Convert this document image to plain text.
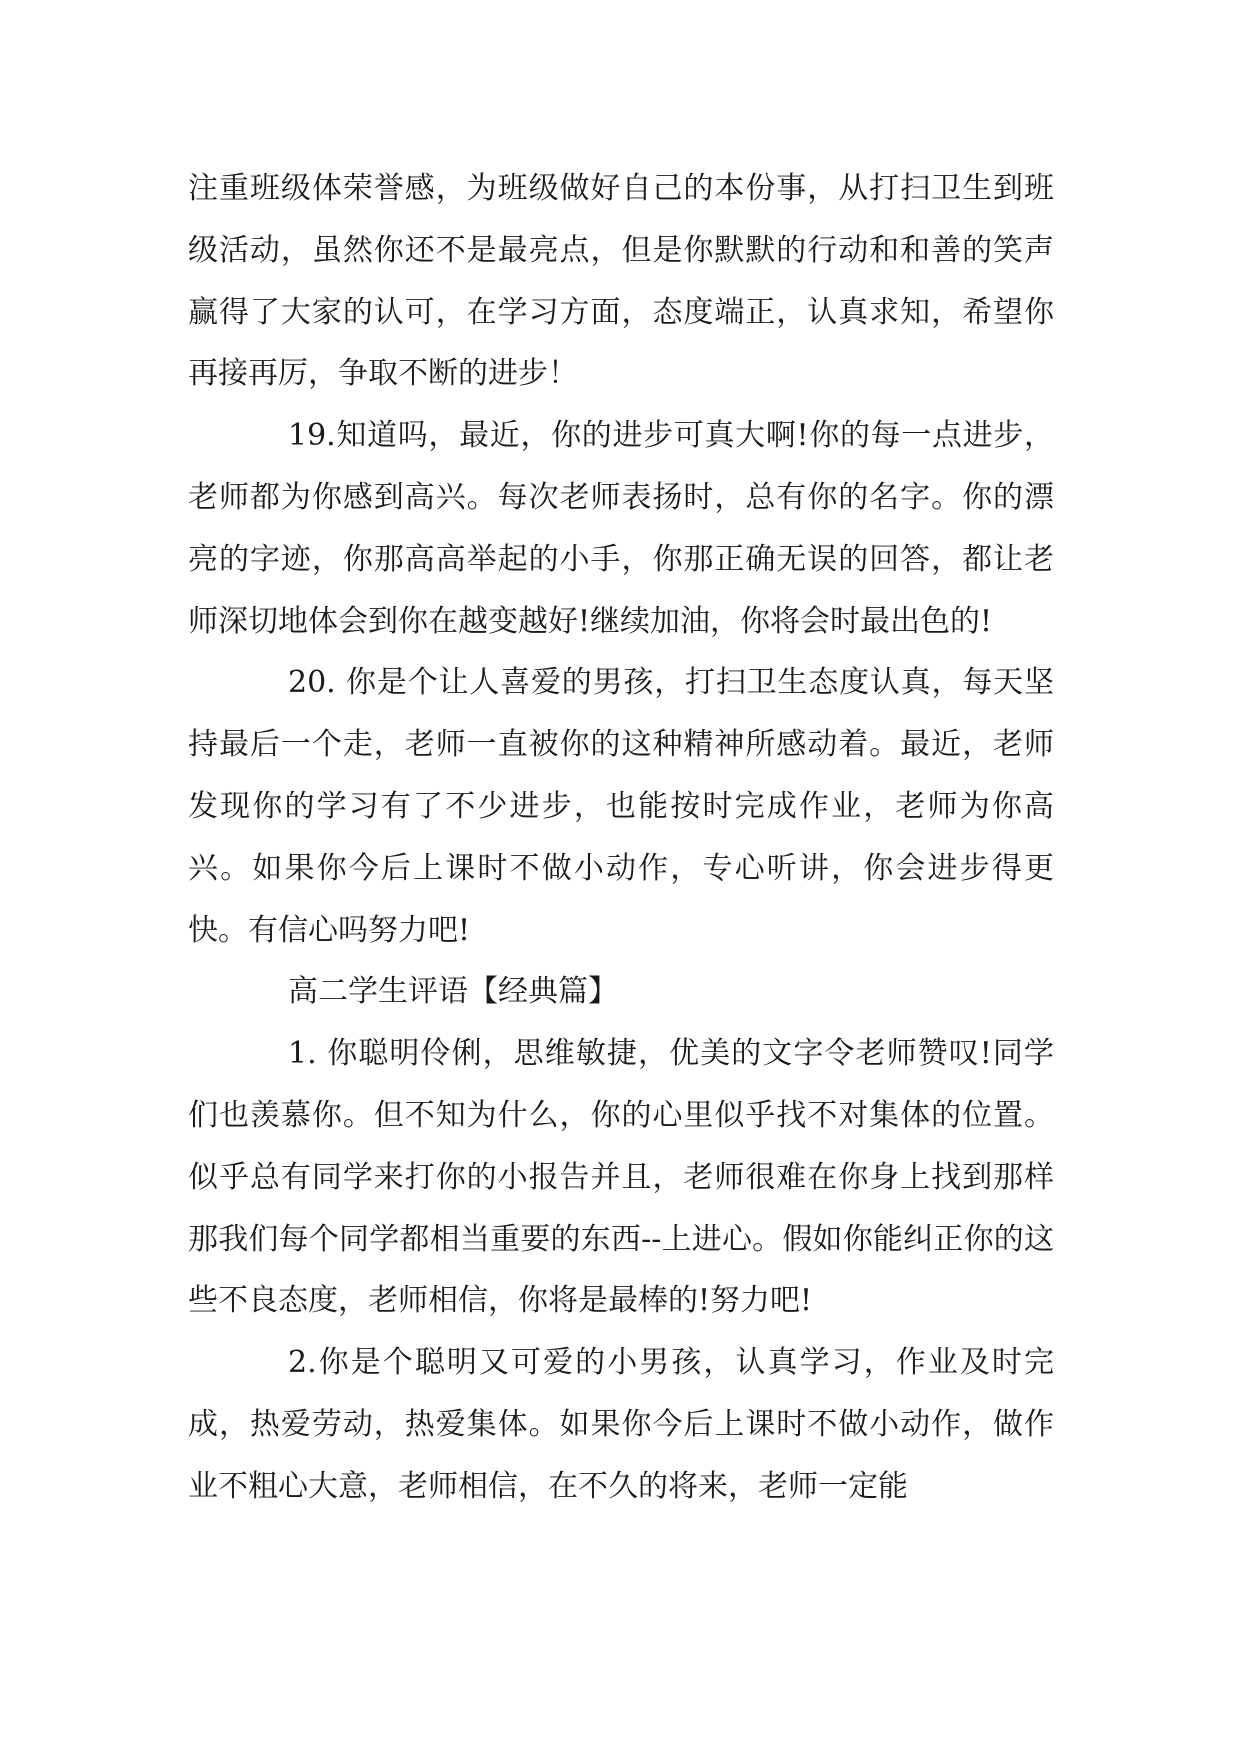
注重班级体荣誉感，为班级做好自己的本份事，从打扫卫生到班级活动，虽然你还不是最亮点，但是你默默的行动和和善的笑声赢得了大家的认可，在学习方面，态度端正，认真求知，希望你再接再厉，争取不断的进步！

19.知道吗，最近，你的进步可真大啊!你的每一点进步，老师都为你感到高兴。每次老师表扬时，总有你的名字。你的漂亮的字迹，你那高高举起的小手，你那正确无误的回答，都让老师深切地体会到你在越变越好!继续加油，你将会时最出色的!

20. 你是个让人喜爱的男孩，打扫卫生态度认真，每天坚持最后一个走，老师一直被你的这种精神所感动着。最近，老师发现你的学习有了不少进步，也能按时完成作业，老师为你高兴。如果你今后上课时不做小动作，专心听讲，你会进步得更快。有信心吗努力吧!

高二学生评语【经典篇】

1. 你聪明伶俐，思维敏捷，优美的文字令老师赞叹!同学们也羡慕你。但不知为什么，你的心里似乎找不对集体的位置。似乎总有同学来打你的小报告并且，老师很难在你身上找到那样那我们每个同学都相当重要的东西--上进心。假如你能纠正你的这些不良态度，老师相信，你将是最棒的!努力吧!

2.你是个聪明又可爱的小男孩，认真学习，作业及时完成，热爱劳动，热爱集体。如果你今后上课时不做小动作，做作业不粗心大意，老师相信，在不久的将来，老师一定能
